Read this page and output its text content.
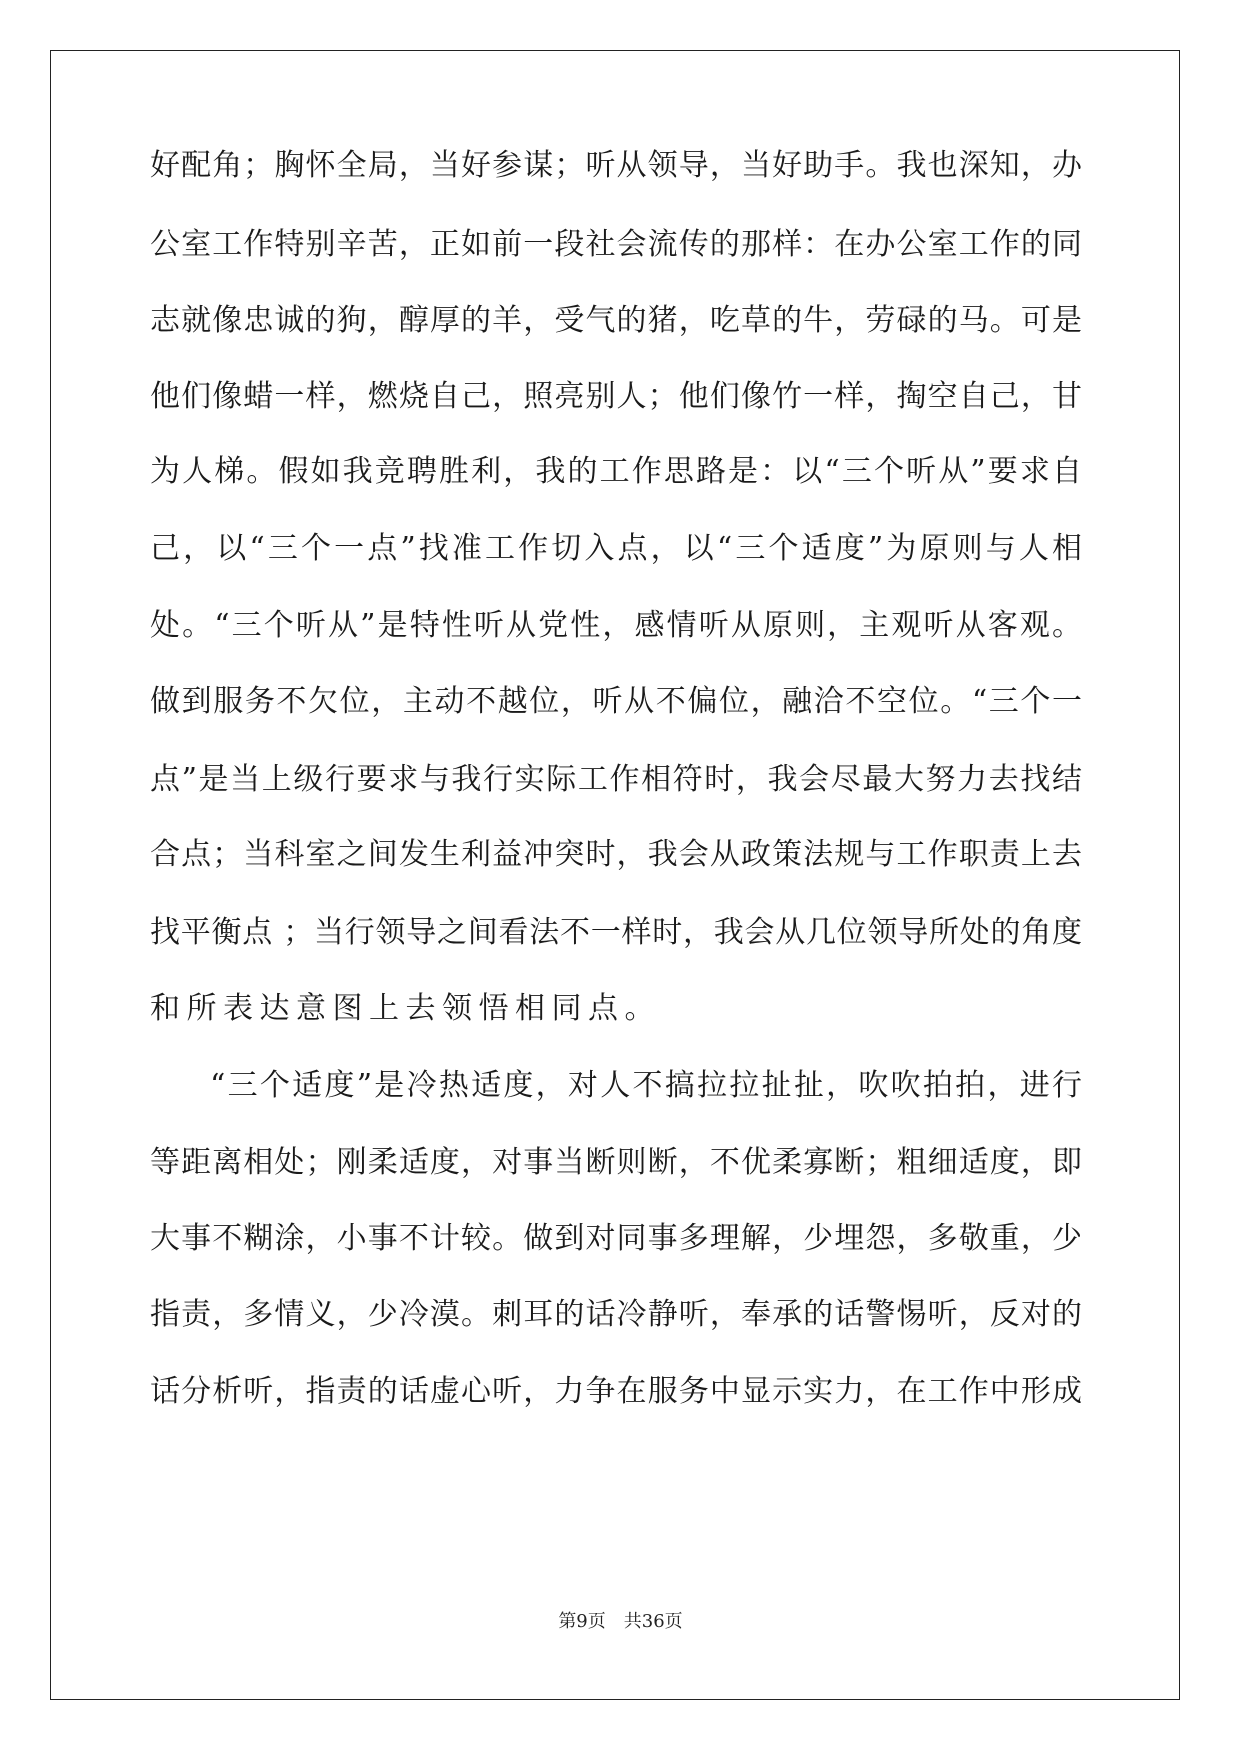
好配角；胸怀全局，当好参谋；听从领导，当好助手。我也深知，办
公室工作特别辛苦，正如前一段社会流传的那样：在办公室工作的同
志就像忠诚的狗，醇厚的羊，受气的猪，吃草的牛，劳碌的马。可是
他们像蜡一样，燃烧自己，照亮别人；他们像竹一样，掏空自己，甘
为人梯。假如我竞聘胜利，我的工作思路是：以“三个听从”要求自
己，以“三个一点”找准工作切入点，以“三个适度”为原则与人相
处。“三个听从”是特性听从党性，感情听从原则，主观听从客观。
做到服务不欠位，主动不越位，听从不偏位，融洽不空位。“三个一
点”是当上级行要求与我行实际工作相符时，我会尽最大努力去找结
合点；当科室之间发生利益冲突时，我会从政策法规与工作职责上去
找平衡点 ；当行领导之间看法不一样时，我会从几位领导所处的角度
和所表达意图上去领悟相同点。
“三个适度”是冷热适度，对人不搞拉拉扯扯，吹吹拍拍，进行
等距离相处；刚柔适度，对事当断则断，不优柔寡断；粗细适度，即
大事不糊涂，小事不计较。做到对同事多理解，少埋怨，多敬重，少
指责，多情义，少冷漠。刺耳的话冷静听，奉承的话警惕听，反对的
话分析听，指责的话虚心听，力争在服务中显示实力，在工作中形成
第9页　共36页
